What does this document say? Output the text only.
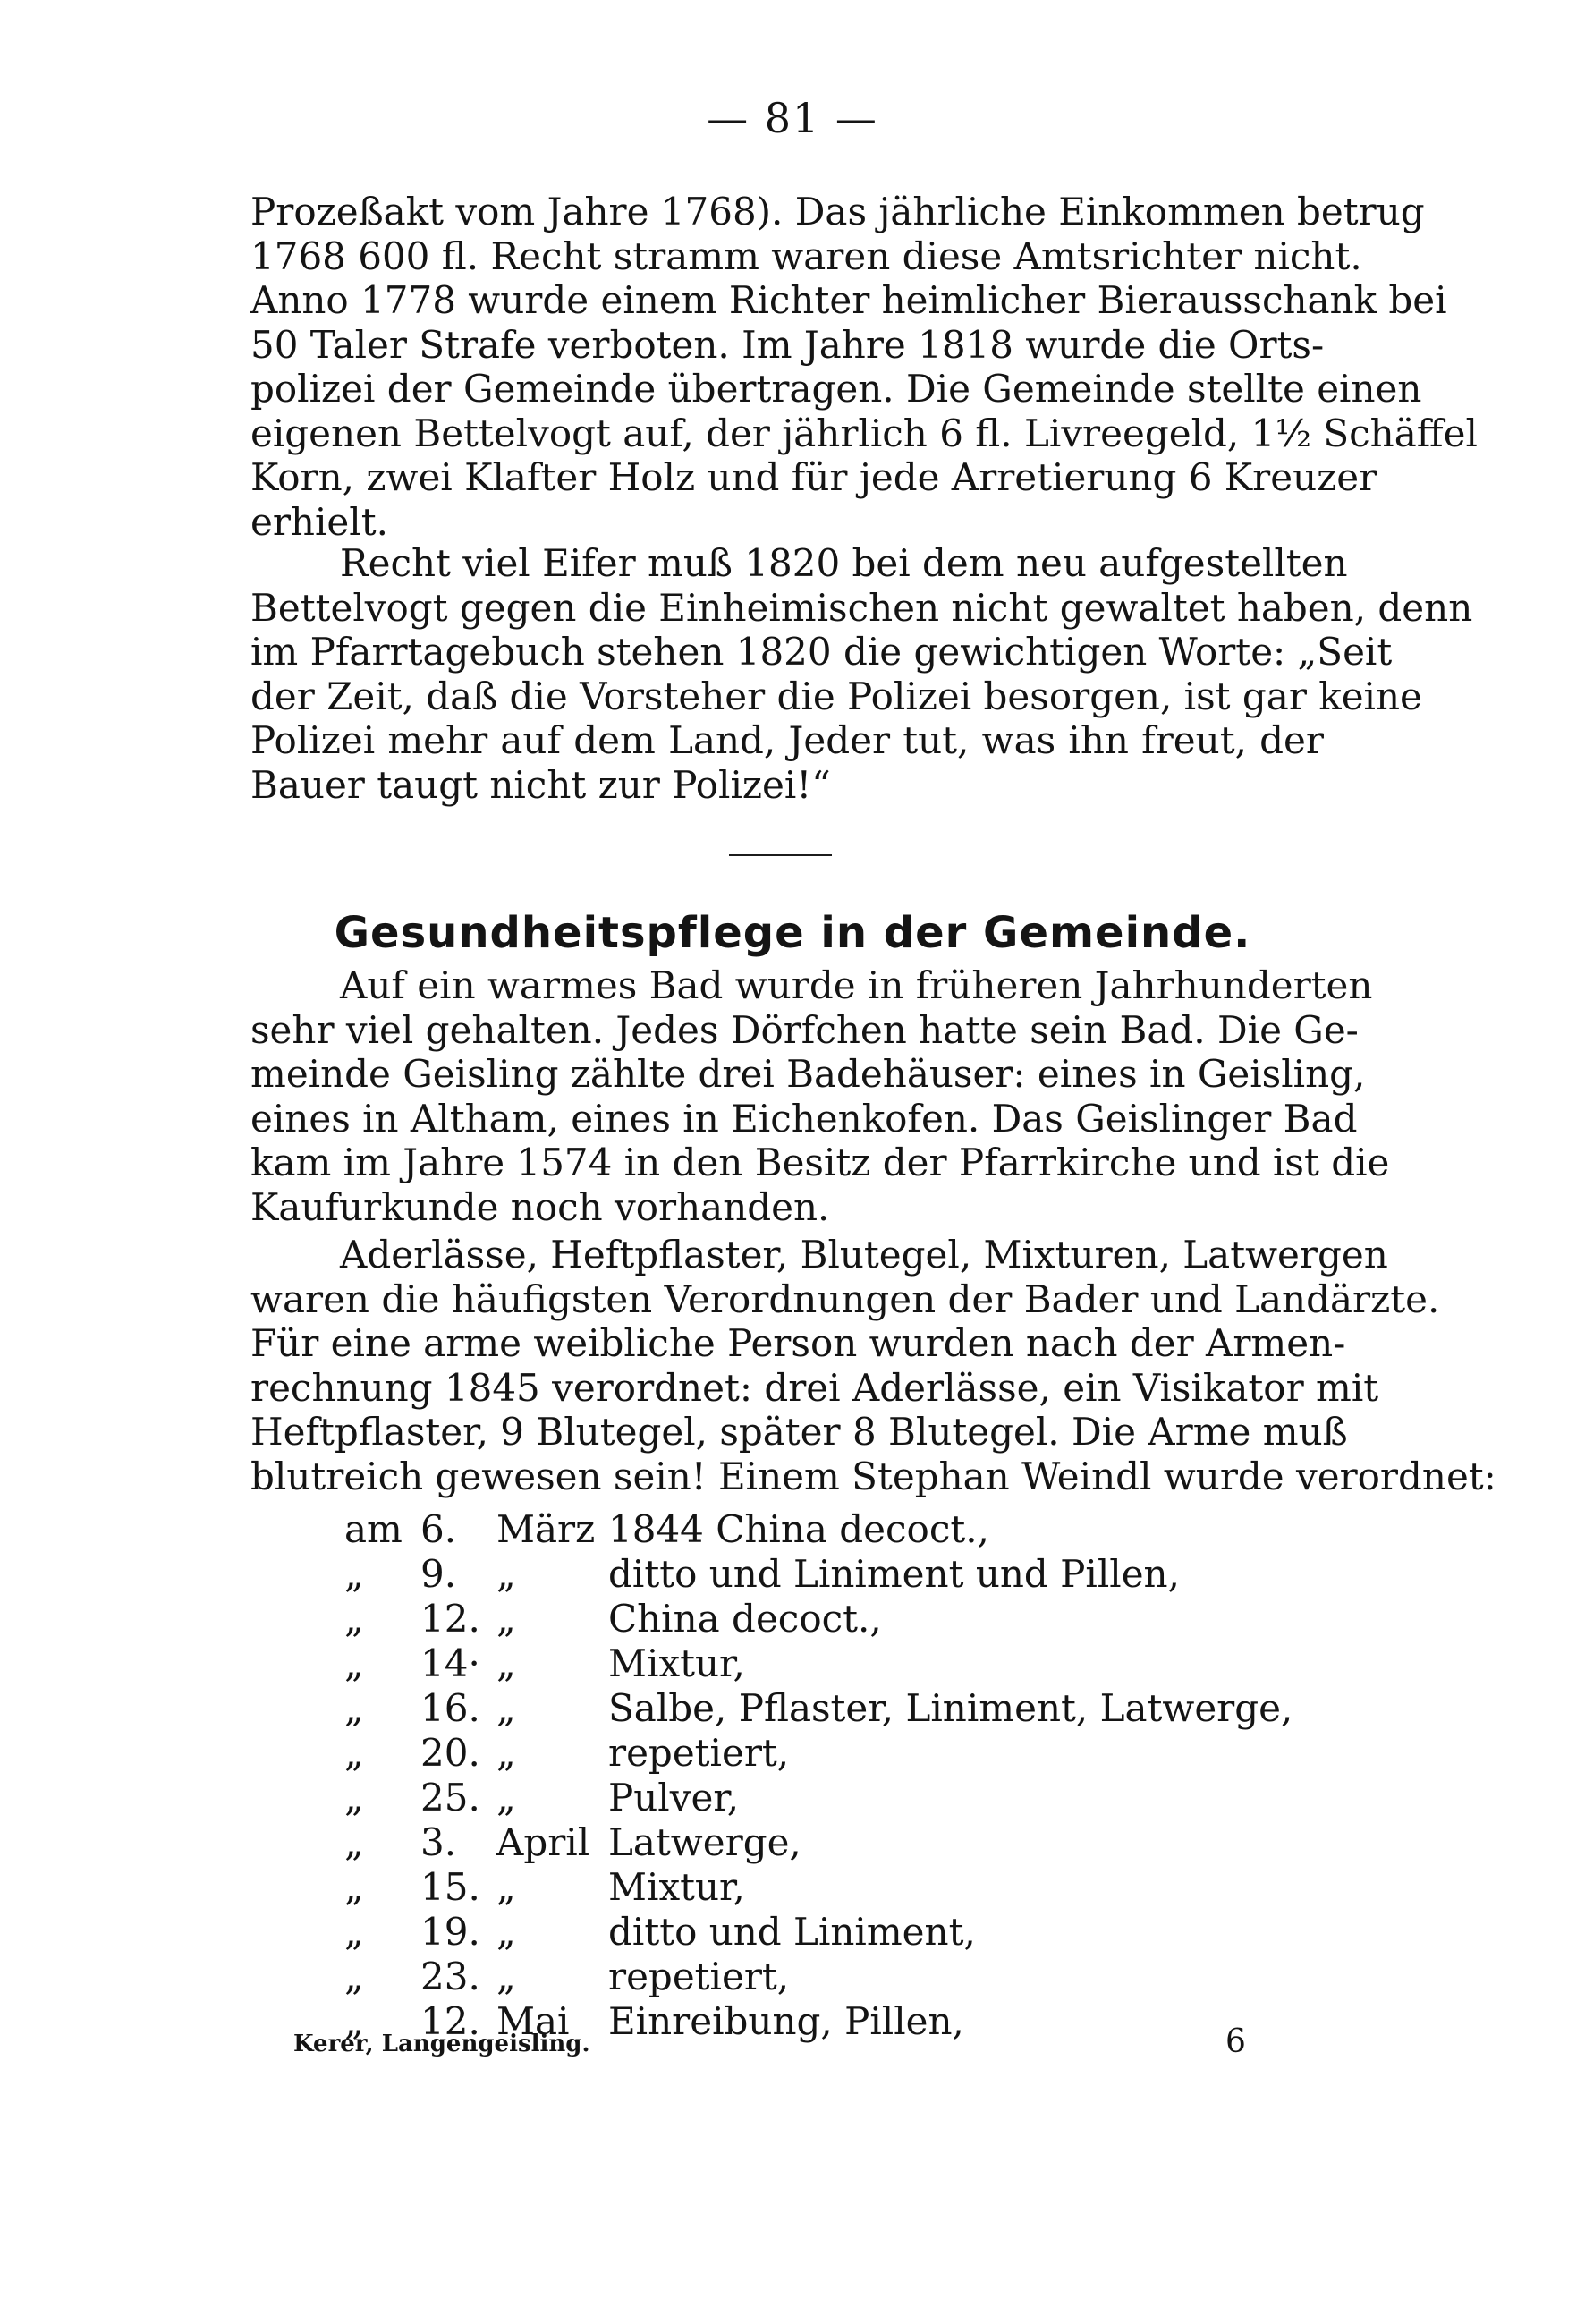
— 81 —
Prozeßakt vom Jahre 1768). Das jährliche Einkommen betrug
1768 600 fl. Recht stramm waren diese Amtsrichter nicht.
Anno 1778 wurde einem Richter heimlicher Bierausschank bei
50 Taler Strafe verboten. Im Jahre 1818 wurde die Orts-
polizei der Gemeinde übertragen. Die Gemeinde stellte einen
eigenen Bettelvogt auf, der jährlich 6 fl. Livreegeld, 1½ Schäffel
Korn, zwei Klafter Holz und für jede Arretierung 6 Kreuzer
erhielt.
Recht viel Eifer muß 1820 bei dem neu aufgestellten
Bettelvogt gegen die Einheimischen nicht gewaltet haben, denn
im Pfarrtagebuch stehen 1820 die gewichtigen Worte: „Seit
der Zeit, daß die Vorsteher die Polizei besorgen, ist gar keine
Polizei mehr auf dem Land, Jeder tut, was ihn freut, der
Bauer taugt nicht zur Polizei!“
Gesundheitspflege in der Gemeinde.
Auf ein warmes Bad wurde in früheren Jahrhunderten
sehr viel gehalten. Jedes Dörfchen hatte sein Bad. Die Ge-
meinde Geisling zählte drei Badehäuser: eines in Geisling,
eines in Altham, eines in Eichenkofen. Das Geislinger Bad
kam im Jahre 1574 in den Besitz der Pfarrkirche und ist die
Kaufurkunde noch vorhanden.
Aderlässe, Heftpflaster, Blutegel, Mixturen, Latwergen
waren die häufigsten Verordnungen der Bader und Landärzte.
Für eine arme weibliche Person wurden nach der Armen-
rechnung 1845 verordnet: drei Aderlässe, ein Visikator mit
Heftpflaster, 9 Blutegel, später 8 Blutegel. Die Arme muß
blutreich gewesen sein! Einem Stephan Weindl wurde verordnet:
am 6.	März 1844 China decoct.,
„	9.	„	ditto und Liniment und Pillen,
„	12. „	China decoct.,
„	14· „	Mixtur,
„	16. „	Salbe, Pflaster, Liniment, Latwerge,
„	20. „	repetiert,
„	25. „	Pulver,
„	3.	April Latwerge,
„	15. „	Mixtur,
„	19. „	ditto und Liniment,
„	23. „	repetiert,
„	12. Mai	Einreibung, Pillen,
Kerer, Langengeisling.	6
